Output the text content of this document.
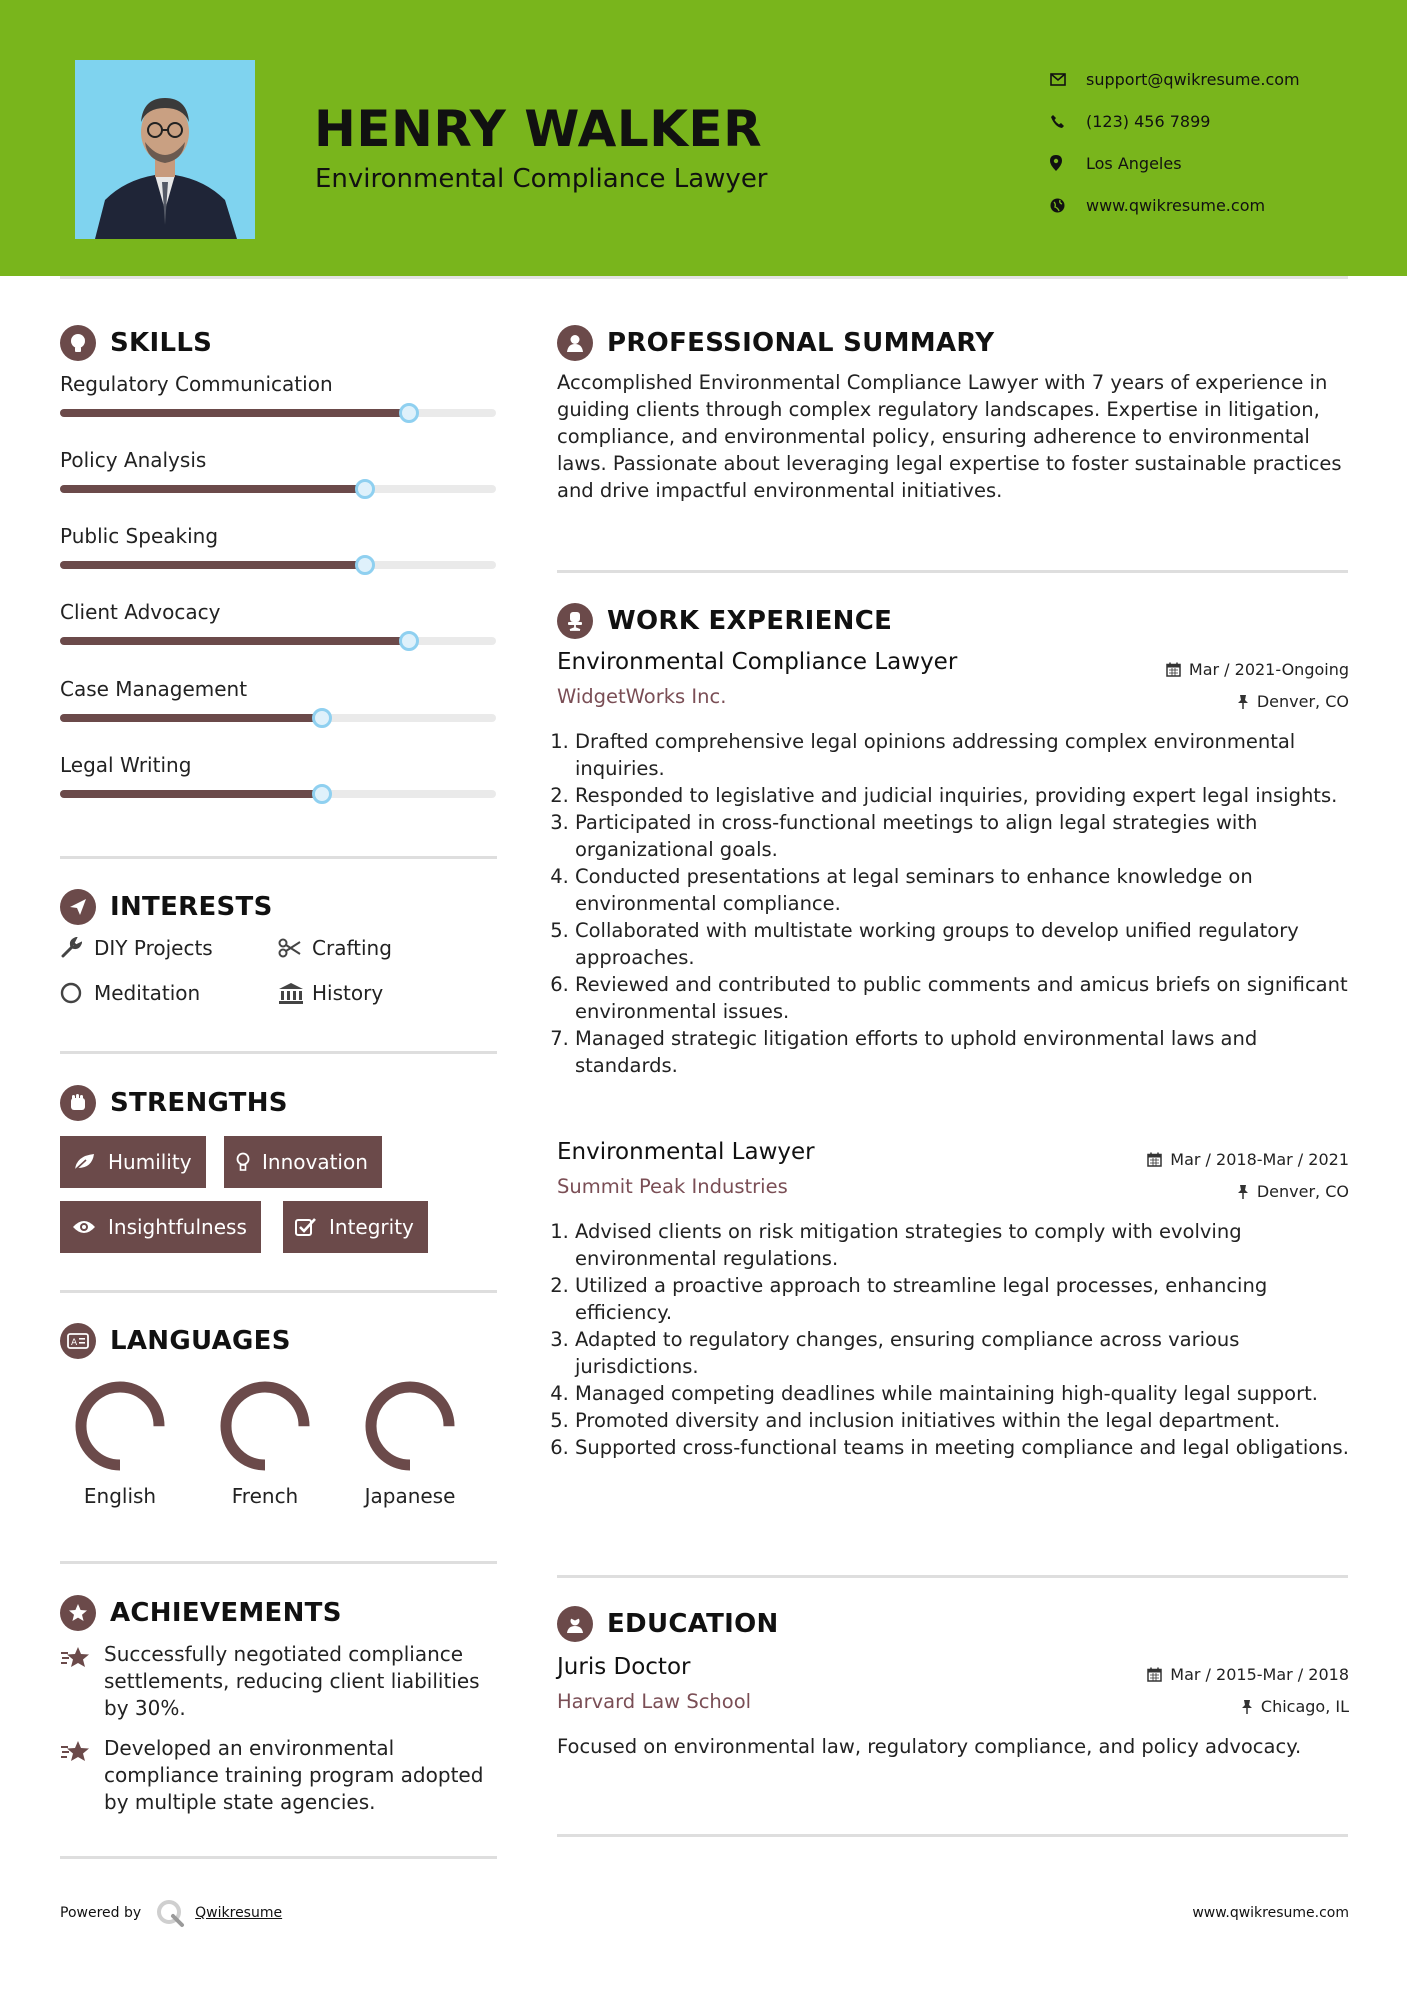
HENRY WALKER
Environmental Compliance Lawyer
support@qwikresume.com
(123) 456 7899
Los Angeles
www.qwikresume.com
SKILLS
Regulatory Communication
Policy Analysis
Public Speaking
Client Advocacy
Case Management
Legal Writing
INTERESTS
DIY Projects	Crafting
Meditation	History
STRENGTHS
Humility	Innovation
Insightfulness	Integrity
A LANGUAGES
English	French	Japanese
ACHIEVEMENTS
Successfully negotiated compliance settlements, reducing client liabilities by 30%.
Developed an environmental compliance training program adopted by multiple state agencies.
PROFESSIONAL SUMMARY
Accomplished Environmental Compliance Lawyer with 7 years of experience in guiding clients through complex regulatory landscapes. Expertise in litigation, compliance, and environmental policy, ensuring adherence to environmental laws. Passionate about leveraging legal expertise to foster sustainable practices and drive impactful environmental initiatives.
WORK EXPERIENCE
Environmental Compliance Lawyer
WidgetWorks Inc.
Mar / 2021-Ongoing
Denver, CO
1. Drafted comprehensive legal opinions addressing complex environmental inquiries.
2. Responded to legislative and judicial inquiries, providing expert legal insights.
3. Participated in cross-functional meetings to align legal strategies with organizational goals.
4. Conducted presentations at legal seminars to enhance knowledge on environmental compliance.
5. Collaborated with multistate working groups to develop unified regulatory approaches.
6. Reviewed and contributed to public comments and amicus briefs on significant environmental issues.
7. Managed strategic litigation efforts to uphold environmental laws and standards.
Environmental Lawyer
Summit Peak Industries
Mar / 2018-Mar / 2021
Denver, CO
1. Advised clients on risk mitigation strategies to comply with evolving environmental regulations.
2. Utilized a proactive approach to streamline legal processes, enhancing efficiency.
3. Adapted to regulatory changes, ensuring compliance across various jurisdictions.
4. Managed competing deadlines while maintaining high-quality legal support.
5. Promoted diversity and inclusion initiatives within the legal department.
6. Supported cross-functional teams in meeting compliance and legal obligations.
EDUCATION
Juris Doctor
Harvard Law School
Mar / 2015-Mar / 2018
Chicago, IL
Focused on environmental law, regulatory compliance, and policy advocacy.
Powered by	Qwikresume	www.qwikresume.com
